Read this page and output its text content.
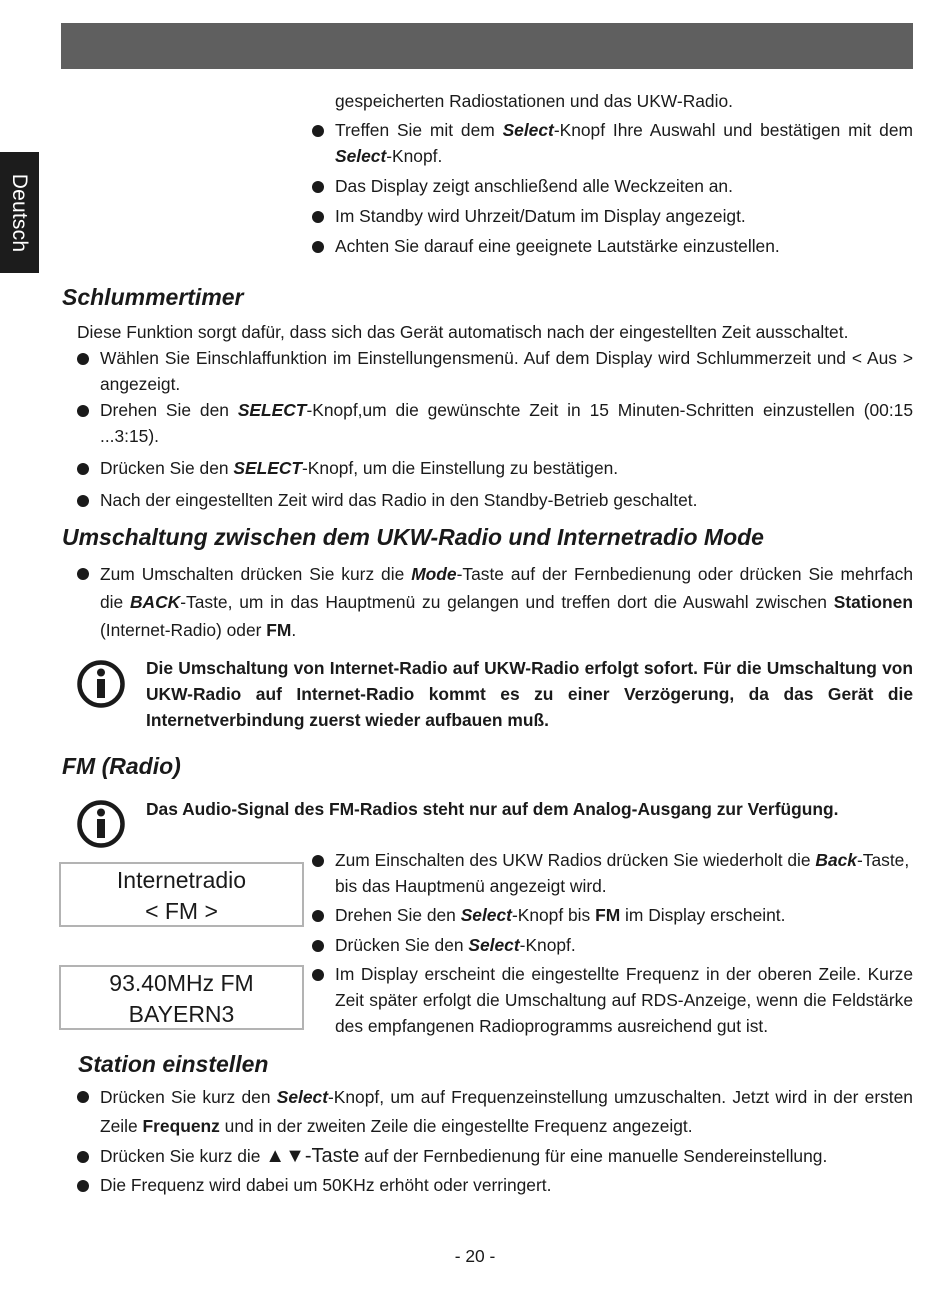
Deutsch

gespeicherten Radiostationen und das UKW-Radio.

Treffen Sie mit dem Select-Knopf Ihre Auswahl und bestätigen mit dem Select-Knopf.
Das Display zeigt anschließend alle Weckzeiten an.
Im Standby wird Uhrzeit/Datum im Display angezeigt.
Achten Sie darauf eine geeignete Lautstärke einzustellen.
Schlummertimer

Diese Funktion sorgt dafür, dass sich das Gerät automatisch nach der eingestellten Zeit ausschaltet.

Wählen Sie Einschlaffunktion im Einstellungensmenü. Auf dem Display wird Schlummerzeit und < Aus > angezeigt.
Drehen Sie den SELECT-Knopf,um die gewünschte Zeit in 15 Minuten-Schritten einzustellen (00:15 ...3:15).
Drücken Sie den SELECT-Knopf, um die Einstellung zu bestätigen.
Nach der eingestellten Zeit wird das Radio in den Standby-Betrieb geschaltet.
Umschaltung zwischen dem UKW-Radio und Internetradio Mode
Zum Umschalten drücken Sie kurz die Mode-Taste auf der Fernbedienung oder drücken Sie mehrfach die BACK-Taste, um in das Hauptmenü zu gelangen und treffen dort die Auswahl zwischen Stationen (Internet-Radio) oder FM.

Die Umschaltung von Internet-Radio auf UKW-Radio erfolgt sofort. Für die Umschaltung von UKW-Radio auf Internet-Radio kommt es zu einer Verzögerung, da das Gerät die Internetverbindung zuerst wieder aufbauen muß.

FM (Radio)

Das Audio-Signal des FM-Radios steht nur auf dem Analog-Ausgang zur Verfügung.

Internetradio
< FM >
93.40MHz FM
BAYERN3
Zum Einschalten des UKW Radios drücken Sie wiederholt die Back-Taste, bis das Hauptmenü angezeigt wird.
Drehen Sie den Select-Knopf bis FM im Display erscheint.
Drücken Sie den Select-Knopf.
Im Display erscheint die eingestellte Frequenz in der oberen Zeile. Kurze Zeit später erfolgt die Umschaltung auf RDS-Anzeige, wenn die Feldstärke des empfangenen Radioprogramms ausreichend gut ist.
Station einstellen
Drücken Sie kurz den Select-Knopf, um auf Frequenzeinstellung umzuschalten. Jetzt wird in der ersten Zeile Frequenz und in der zweiten Zeile die eingestellte Frequenz angezeigt.
Drücken Sie kurz die ▲▼-Taste auf der Fernbedienung für eine manuelle Sendereinstellung.
Die Frequenz wird dabei um 50KHz erhöht oder verringert.
- 20 -
